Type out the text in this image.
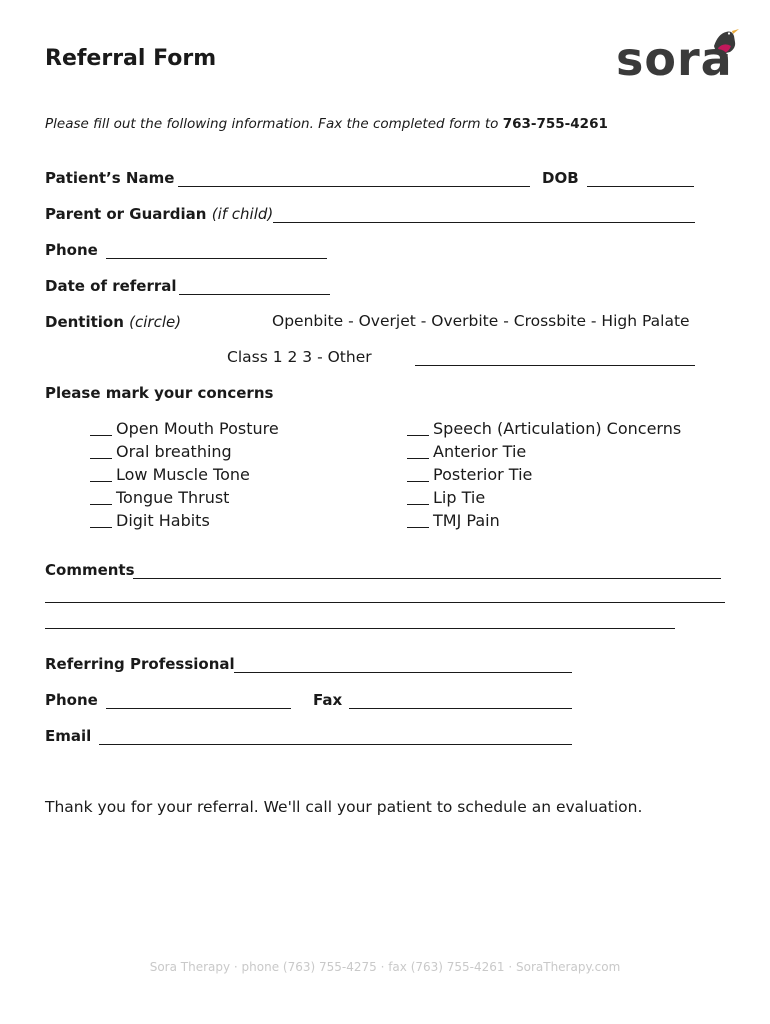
sora
Referral Form
Please fill out the following information. Fax the completed form to 763-755-4261
Patient’s Name	DOB
Parent or Guardian (if child)
Phone
Date of referral
Dentition (circle)	Openbite - Overjet - Overbite - Crossbite - High Palate
Class 1 2 3 - Other
Please mark your concerns
Open Mouth Posture
Oral breathing
Low Muscle Tone
Tongue Thrust
Digit Habits
Speech (Articulation) Concerns
Anterior Tie
Posterior Tie
Lip Tie
TMJ Pain
Comments
Referring Professional
Phone	Fax
Email
Thank you for your referral. We'll call your patient to schedule an evaluation.
Sora Therapy · phone (763) 755-4275 · fax (763) 755-4261 · SoraTherapy.com
